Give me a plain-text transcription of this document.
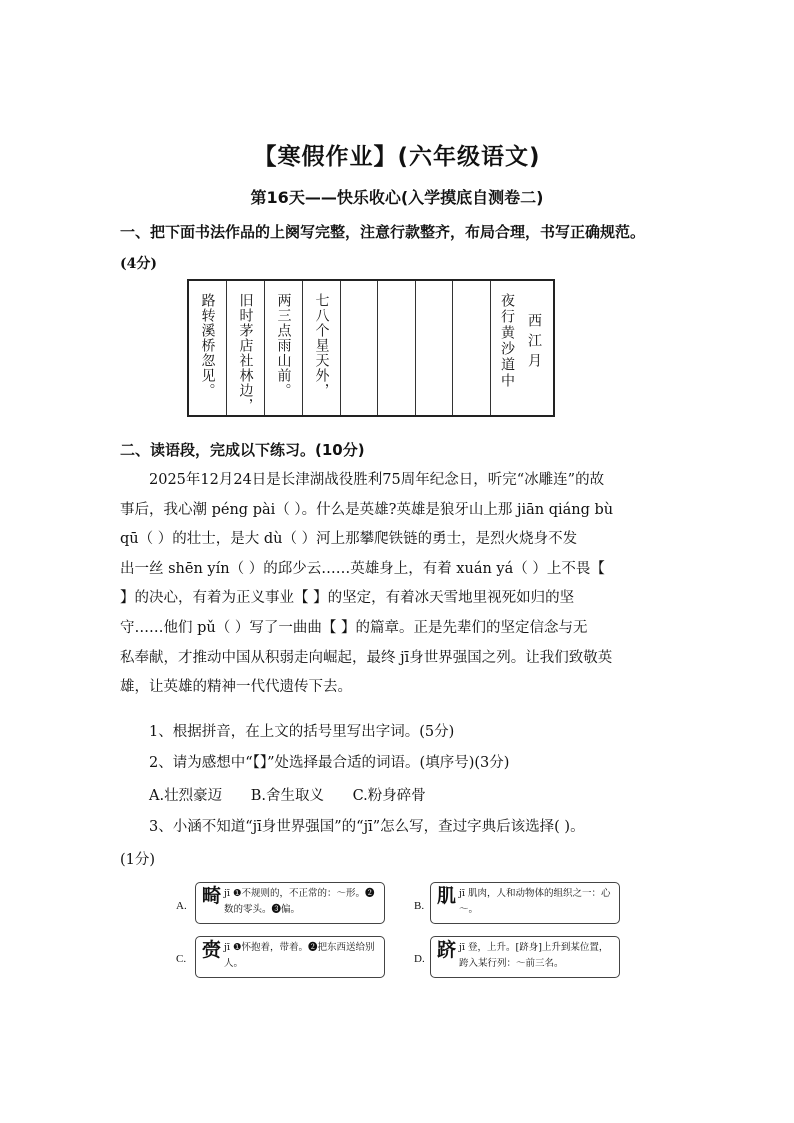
【寒假作业】(六年级语文)
第16天——快乐收心(入学摸底自测卷二)
一、把下面书法作品的上阕写完整，注意行款整齐，布局合理，书写正确规范。
(4分)
路转溪桥忽见。 旧时茅店社林边， 两三点雨山前。 七八个星天外，	西江月
夜行黄沙道中
二、读语段，完成以下练习。(10分)

2025年12月24日是长津湖战役胜利75周年纪念日，听完“冰雕连”的故

事后，我心潮 péng pài（ ）。什么是英雄?英雄是狼牙山上那 jiān qiáng bù

qū（ ）的壮士，是大 dù（ ）河上那攀爬铁链的勇士，是烈火烧身不发

出一丝 shēn yín（ ）的邱少云……英雄身上，有着 xuán yá（ ）上不畏【

】的决心，有着为正义事业【 】的坚定，有着冰天雪地里视死如归的坚

守……他们 pǔ（ ）写了一曲曲【 】的篇章。正是先辈们的坚定信念与无

私奉献，才推动中国从积弱走向崛起，最终 jī身世界强国之列。让我们致敬英

雄，让英雄的精神一代代遗传下去。

1、根据拼音，在上文的括号里写出字词。(5分)
2、请为感想中“【】”处选择最合适的词语。(填序号)(3分)
A.壮烈豪迈 B.舍生取义 C.粉身碎骨
3、小涵不知道“jī身世界强国”的“jī”怎么写，查过字典后该选择( )。
(1分)
A. 畸 jī ❶不规则的，不正常的：～形。❷数的零头。❸偏。	B. 肌 jī 肌肉，人和动物体的组织之一：心～。
C. 赍 jī ❶怀抱着，带着。❷把东西送给别人。	D. 跻 jī 登，上升。[跻身]上升到某位置，跨入某行列：～前三名。
